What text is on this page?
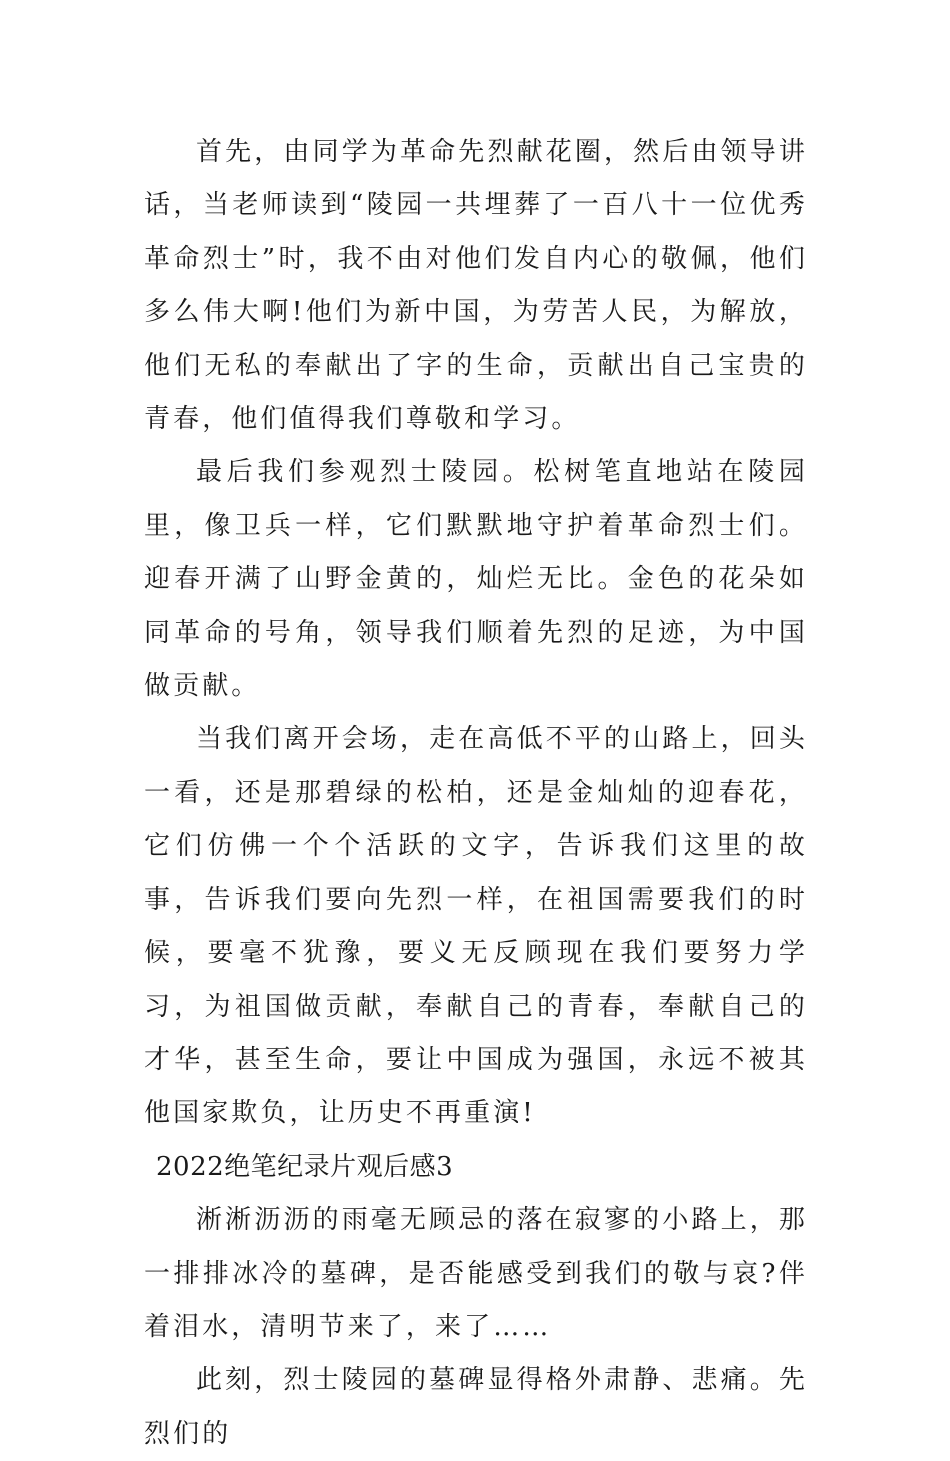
首先，由同学为革命先烈献花圈，然后由领导讲话，当老师读到“陵园一共埋葬了一百八十一位优秀革命烈士”时，我不由对他们发自内心的敬佩，他们多么伟大啊!他们为新中国，为劳苦人民，为解放，他们无私的奉献出了字的生命，贡献出自己宝贵的青春，他们值得我们尊敬和学习。

最后我们参观烈士陵园。松树笔直地站在陵园里，像卫兵一样，它们默默地守护着革命烈士们。迎春开满了山野金黄的，灿烂无比。金色的花朵如同革命的号角，领导我们顺着先烈的足迹，为中国做贡献。

当我们离开会场，走在高低不平的山路上，回头一看，还是那碧绿的松柏，还是金灿灿的迎春花，它们仿佛一个个活跃的文字，告诉我们这里的故事，告诉我们要向先烈一样，在祖国需要我们的时候，要毫不犹豫，要义无反顾现在我们要努力学习，为祖国做贡献，奉献自己的青春，奉献自己的才华，甚至生命，要让中国成为强国，永远不被其他国家欺负，让历史不再重演!

2022绝笔纪录片观后感3

淅淅沥沥的雨毫无顾忌的落在寂寥的小路上，那一排排冰冷的墓碑，是否能感受到我们的敬与哀?伴着泪水，清明节来了，来了……

此刻，烈士陵园的墓碑显得格外肃静、悲痛。先烈们的
